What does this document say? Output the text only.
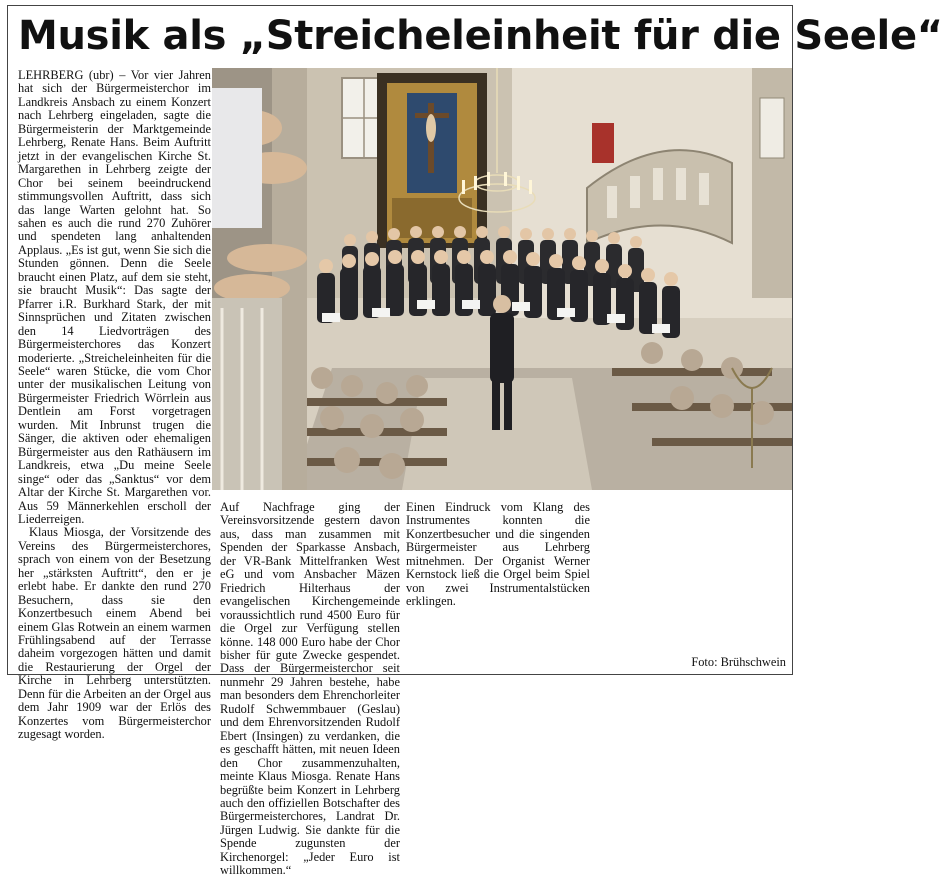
Musik als „Streicheleinheit für die Seele“

LEHRBERG (ubr) – Vor vier Jahren hat sich der Bürgermeisterchor im Landkreis Ansbach zu einem Konzert nach Lehrberg eingeladen, sagte die Bürgermeisterin der Marktgemeinde Lehrberg, Renate Hans. Beim Auftritt jetzt in der evangelischen Kirche St. Margarethen in Lehrberg zeigte der Chor bei seinem beeindruckend stimmungsvollen Auftritt, dass sich das lange Warten gelohnt hat. So sahen es auch die rund 270 Zuhörer und spendeten lang anhaltenden Applaus. „Es ist gut, wenn Sie sich die Stunden gönnen. Denn die Seele braucht einen Platz, auf dem sie steht, sie braucht Musik“: Das sagte der Pfarrer i.R. Burkhard Stark, der mit Sinnsprüchen und Zitaten zwischen den 14 Liedvorträgen des Bürgermeisterchores das Konzert moderierte. „Streicheleinheiten für die Seele“ waren Stücke, die vom Chor unter der musikalischen Leitung von Bürgermeister Friedrich Wörrlein aus Dentlein am Forst vorgetragen wurden. Mit Inbrunst trugen die Sänger, die aktiven oder ehemaligen Bürgermeister aus den Rathäusern im Landkreis, etwa „Du meine Seele singe“ oder das „Sanktus“ vor dem Altar der Kirche St. Margarethen vor. Aus 59 Männerkehlen erscholl der Liederreigen.

Klaus Miosga, der Vorsitzende des Vereins des Bürgermeisterchores, sprach von einem von der Besetzung her „stärksten Auftritt“, den er je erlebt habe. Er dankte den rund 270 Besuchern, dass sie den Konzertbesuch einem Abend bei einem Glas Rotwein an einem warmen Frühlingsabend auf der Terrasse daheim vorgezogen hätten und damit die Restaurierung der Orgel der Kirche in Lehrberg unterstützten. Denn für die Arbeiten an der Orgel aus dem Jahr 1909 war der Erlös des Konzertes vom Bürgermeisterchor zugesagt worden.

Auf Nachfrage ging der Vereinsvorsitzende gestern davon aus, dass man zusammen mit Spenden der Sparkasse Ansbach, der VR-Bank Mittelfranken West eG und vom Ansbacher Mäzen Friedrich Hilterhaus der evangelischen Kirchengemeinde voraussichtlich rund 4500 Euro für die Orgel zur Verfügung stellen könne. 148 000 Euro habe der Chor bisher für gute Zwecke gespendet. Dass der Bürgermeisterchor seit nunmehr 29 Jahren bestehe, habe man besonders dem Ehrenchorleiter Rudolf Schwemmbauer (Geslau) und dem Ehrenvorsitzenden Rudolf Ebert (Insingen) zu verdanken, die es geschafft hätten, mit neuen Ideen den Chor zusammenzuhalten, meinte Klaus Miosga. Renate Hans begrüßte beim Konzert in Lehrberg auch den offiziellen Botschafter des Bürgermeisterchores, Landrat Dr. Jürgen Ludwig. Sie dankte für die Spende zugunsten der Kirchenorgel: „Jeder Euro ist willkommen.“

Einen Eindruck vom Klang des Instrumentes konnten die Konzertbesucher und die singenden Bürgermeister aus Lehrberg mitnehmen. Der Organist Werner Kernstock ließ die Orgel beim Spiel von zwei Instrumentalstücken erklingen.

Foto: Brühschwein
